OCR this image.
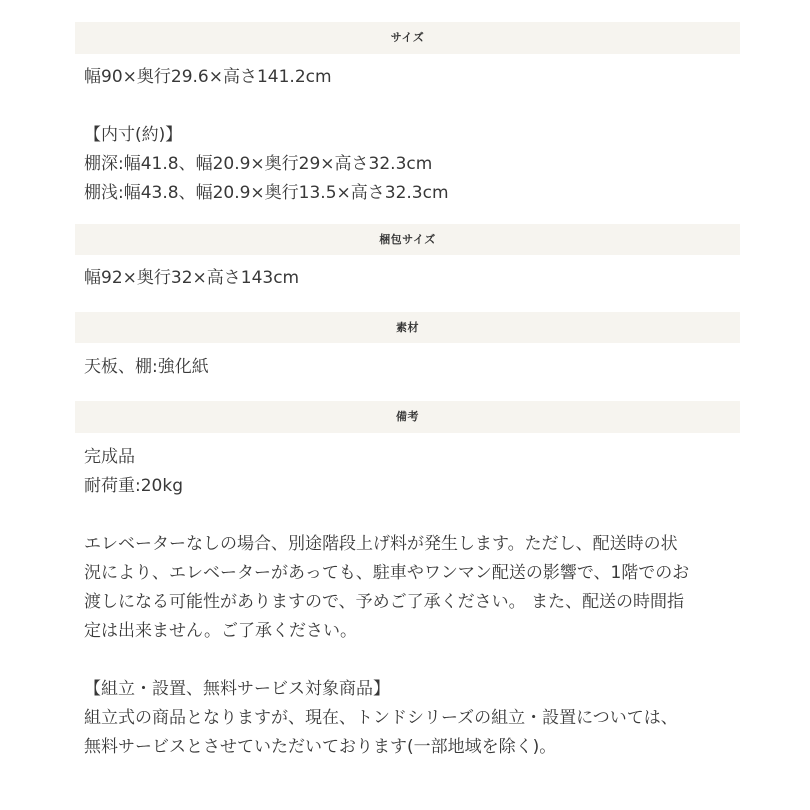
サイズ
幅90×奥行29.6×高さ141.2cm
【内寸(約)】
棚深:幅41.8、幅20.9×奥行29×高さ32.3cm
棚浅:幅43.8、幅20.9×奥行13.5×高さ32.3cm
梱包サイズ
幅92×奥行32×高さ143cm
素材
天板、棚:強化紙
備考
完成品
耐荷重:20kg
エレベーターなしの場合、別途階段上げ料が発生します。ただし、配送時の状
況により、エレベーターがあっても、駐車やワンマン配送の影響で、1階でのお
渡しになる可能性がありますので、予めご了承ください。 また、配送の時間指
定は出来ません。ご了承ください。
【組立・設置、無料サービス対象商品】
組立式の商品となりますが、現在、トンドシリーズの組立・設置については、
無料サービスとさせていただいております(一部地域を除く)。
